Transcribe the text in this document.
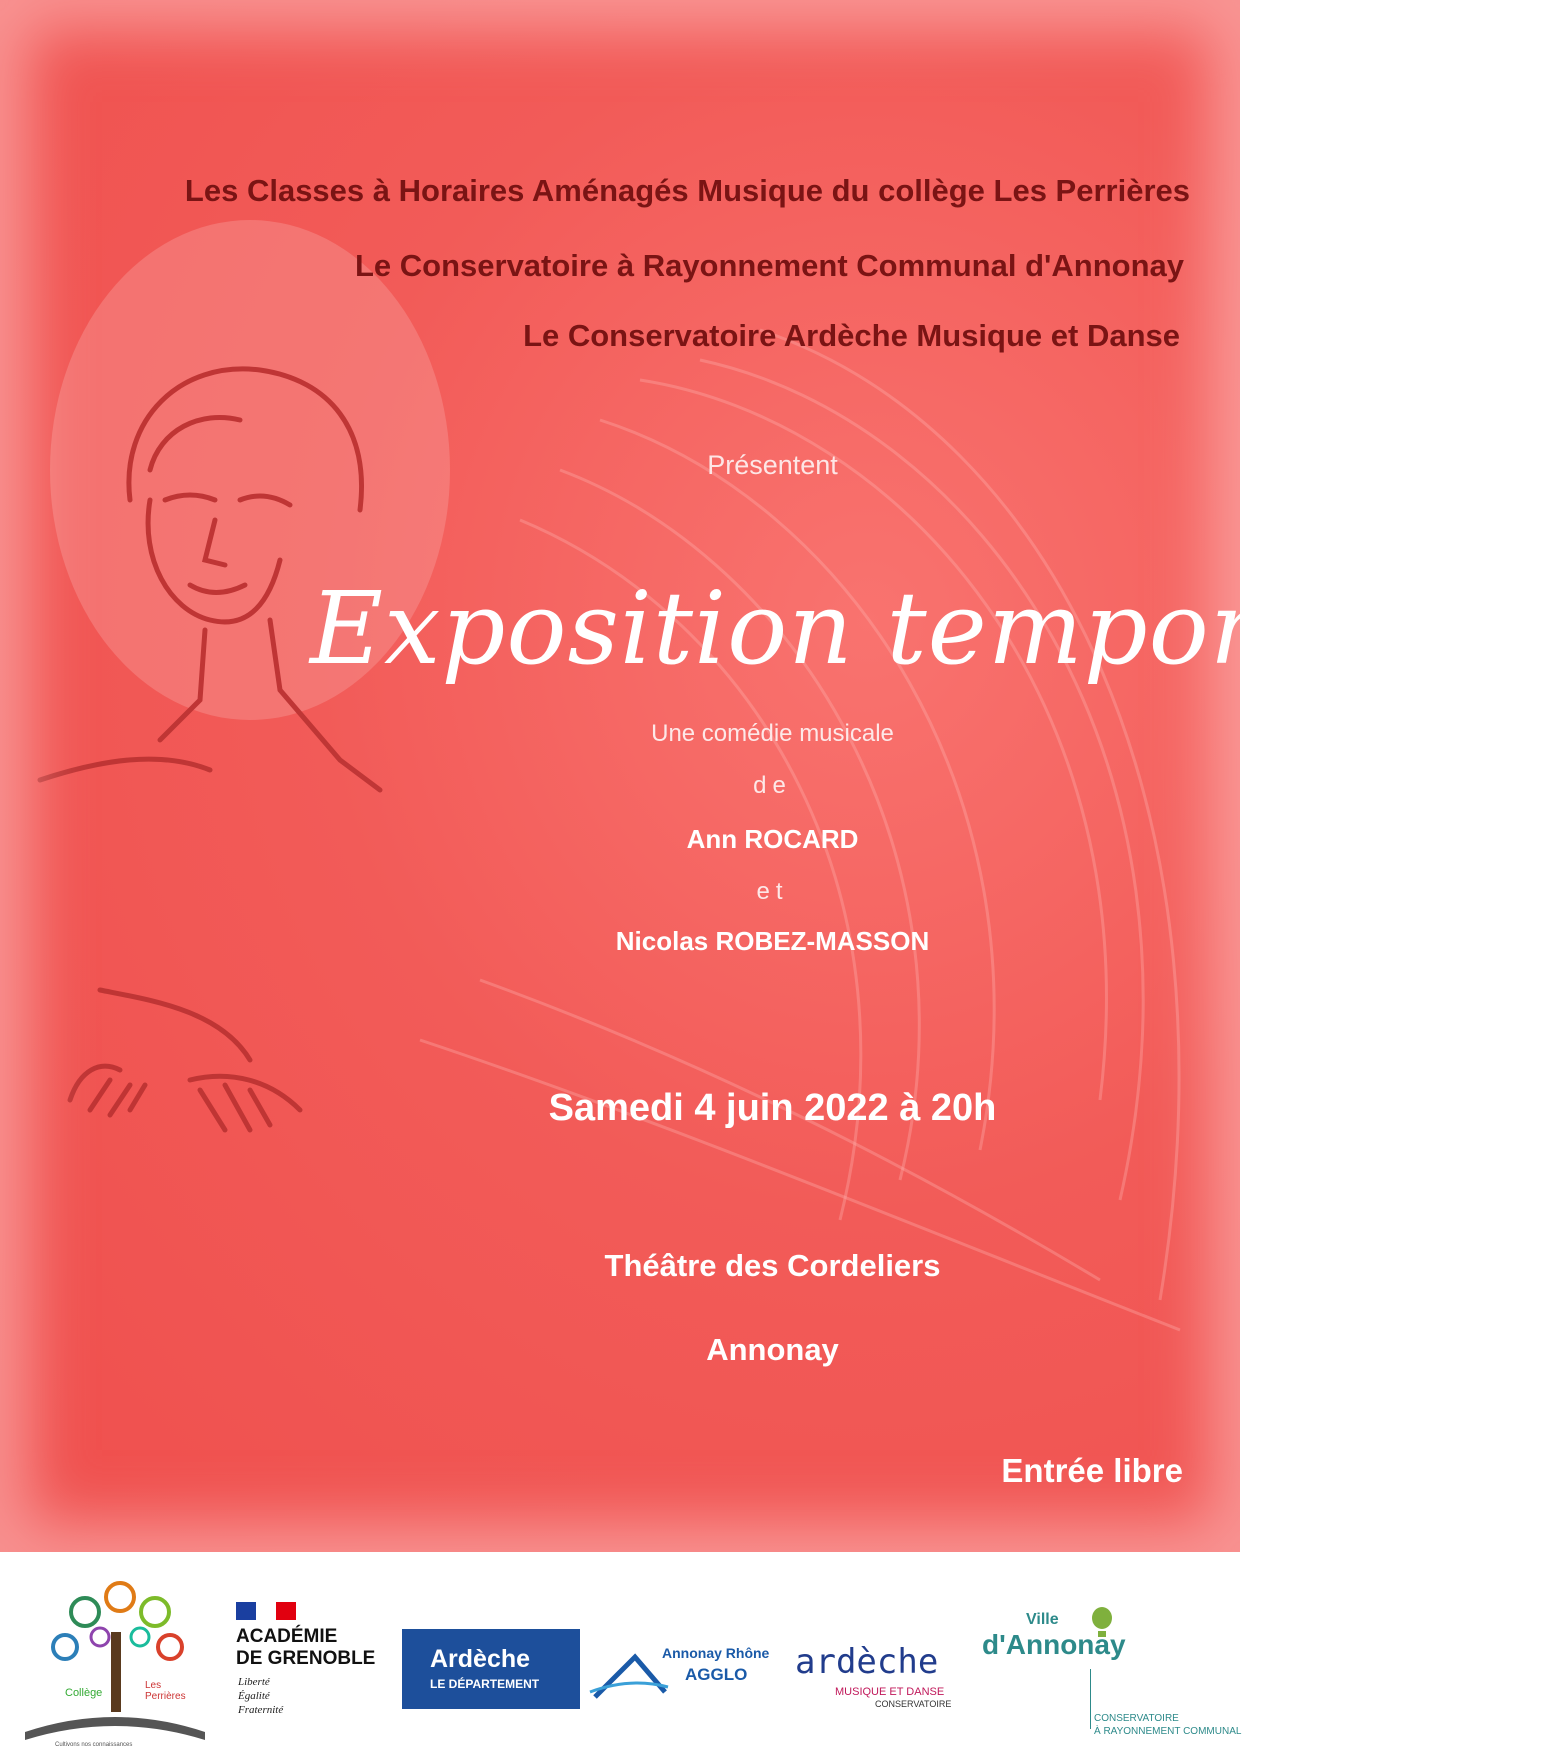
Les Classes à Horaires Aménagés Musique du collège Les Perrières

Le Conservatoire à Rayonnement Communal d'Annonay

Le Conservatoire Ardèche Musique et Danse

Présentent

Exposition temporaire

Une comédie musicale

de

Ann ROCARD

et

Nicolas ROBEZ-MASSON

Samedi 4 juin 2022 à 20h

Théâtre des Cordeliers

Annonay

Entrée libre

Collège
Les Perrières
Cultivons nos connaissances
ACADÉMIE
DE GRENOBLE
Liberté
Égalité
Fraternité
Ardèche
LE DÉPARTEMENT
Annonay Rhône
AGGLO ardèche
MUSIQUE ET DANSE
CONSERVATOIRE
Ville
d'Annonay
CONSERVATOIRE
À RAYONNEMENT COMMUNAL
